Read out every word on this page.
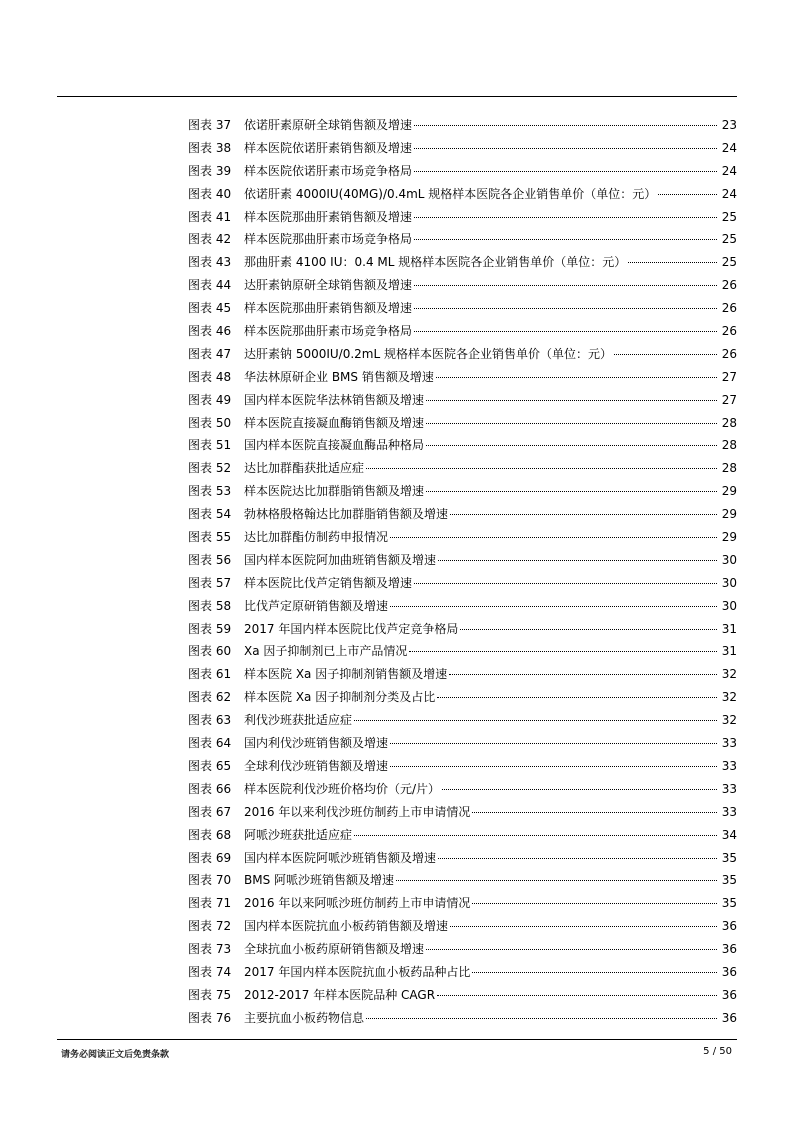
图表 37	依诺肝素原研全球销售额及增速	23
图表 38	样本医院依诺肝素销售额及增速	24
图表 39	样本医院依诺肝素市场竞争格局	24
图表 40	依诺肝素 4000IU(40MG)/0.4mL 规格样本医院各企业销售单价（单位：元）	24
图表 41	样本医院那曲肝素销售额及增速	25
图表 42	样本医院那曲肝素市场竞争格局	25
图表 43	那曲肝素 4100 IU：0.4 ML 规格样本医院各企业销售单价（单位：元）	25
图表 44	达肝素钠原研全球销售额及增速	26
图表 45	样本医院那曲肝素销售额及增速	26
图表 46	样本医院那曲肝素市场竞争格局	26
图表 47	达肝素钠 5000IU/0.2mL 规格样本医院各企业销售单价（单位：元）	26
图表 48	华法林原研企业 BMS 销售额及增速	27
图表 49	国内样本医院华法林销售额及增速	27
图表 50	样本医院直接凝血酶销售额及增速	28
图表 51	国内样本医院直接凝血酶品种格局	28
图表 52	达比加群酯获批适应症	28
图表 53	样本医院达比加群脂销售额及增速	29
图表 54	勃林格殷格翰达比加群脂销售额及增速	29
图表 55	达比加群酯仿制药申报情况	29
图表 56	国内样本医院阿加曲班销售额及增速	30
图表 57	样本医院比伐芦定销售额及增速	30
图表 58	比伐芦定原研销售额及增速	30
图表 59	2017 年国内样本医院比伐芦定竞争格局	31
图表 60	Xa 因子抑制剂已上市产品情况	31
图表 61	样本医院 Xa 因子抑制剂销售额及增速	32
图表 62	样本医院 Xa 因子抑制剂分类及占比	32
图表 63	利伐沙班获批适应症	32
图表 64	国内利伐沙班销售额及增速	33
图表 65	全球利伐沙班销售额及增速	33
图表 66	样本医院利伐沙班价格均价（元/片）	33
图表 67	2016 年以来利伐沙班仿制药上市申请情况	33
图表 68	阿哌沙班获批适应症	34
图表 69	国内样本医院阿哌沙班销售额及增速	35
图表 70	BMS 阿哌沙班销售额及增速	35
图表 71	2016 年以来阿哌沙班仿制药上市申请情况	35
图表 72	国内样本医院抗血小板药销售额及增速	36
图表 73	全球抗血小板药原研销售额及增速	36
图表 74	2017 年国内样本医院抗血小板药品种占比	36
图表 75	2012-2017 年样本医院品种 CAGR	36
图表 76	主要抗血小板药物信息	36
请务必阅读正文后免责条款	5 / 50
